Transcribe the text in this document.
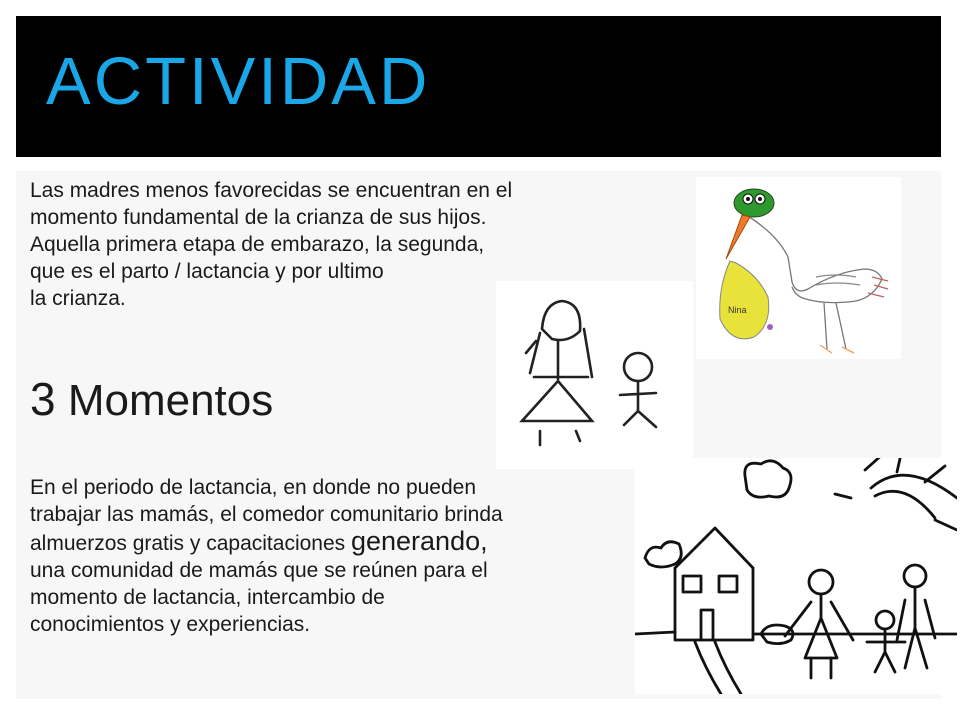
ACTIVIDAD

Las madres menos favorecidas se encuentran en el
momento fundamental de la crianza de sus hijos.
Aquella primera etapa de embarazo, la segunda,
que es el parto / lactancia y por ultimo
la crianza.

3 Momentos

En el periodo de lactancia, en donde no pueden
trabajar las mamás, el comedor comunitario brinda
almuerzos gratis y capacitaciones generando,
una comunidad de mamás que se reúnen para el
momento de lactancia, intercambio de
conocimientos y experiencias.

Nina
